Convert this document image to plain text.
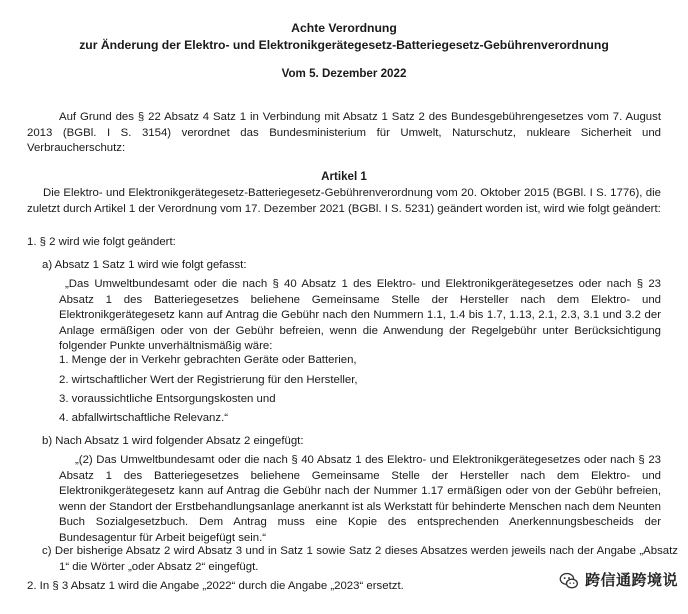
Achte Verordnung
zur Änderung der Elektro- und Elektronikgerätegesetz-Batteriegesetz-Gebührenverordnung
Vom 5. Dezember 2022
Auf Grund des § 22 Absatz 4 Satz 1 in Verbindung mit Absatz 1 Satz 2 des Bundesgebührengesetzes vom 7. August 2013 (BGBl. I S. 3154) verordnet das Bundesministerium für Umwelt, Naturschutz, nukleare Sicherheit und Verbraucherschutz:
Artikel 1
Die Elektro- und Elektronikgerätegesetz-Batteriegesetz-Gebührenverordnung vom 20. Oktober 2015 (BGBl. I S. 1776), die zuletzt durch Artikel 1 der Verordnung vom 17. Dezember 2021 (BGBl. I S. 5231) geändert worden ist, wird wie folgt geändert:
1. § 2 wird wie folgt geändert:
a) Absatz 1 Satz 1 wird wie folgt gefasst:
„Das Umweltbundesamt oder die nach § 40 Absatz 1 des Elektro- und Elektronikgerätegesetzes oder nach § 23 Absatz 1 des Batteriegesetzes beliehene Gemeinsame Stelle der Hersteller nach dem Elektro- und Elektronikgerätegesetz kann auf Antrag die Gebühr nach den Nummern 1.1, 1.4 bis 1.7, 1.13, 2.1, 2.3, 3.1 und 3.2 der Anlage ermäßigen oder von der Gebühr befreien, wenn die Anwendung der Regelgebühr unter Berücksichtigung folgender Punkte unverhältnismäßig wäre:
1. Menge der in Verkehr gebrachten Geräte oder Batterien,
2. wirtschaftlicher Wert der Registrierung für den Hersteller,
3. voraussichtliche Entsorgungskosten und
4. abfallwirtschaftliche Relevanz.“
b) Nach Absatz 1 wird folgender Absatz 2 eingefügt:
„(2) Das Umweltbundesamt oder die nach § 40 Absatz 1 des Elektro- und Elektronikgerätegesetzes oder nach § 23 Absatz 1 des Batteriegesetzes beliehene Gemeinsame Stelle der Hersteller nach dem Elektro- und Elektronikgerätegesetz kann auf Antrag die Gebühr nach der Nummer 1.17 ermäßigen oder von der Gebühr befreien, wenn der Standort der Erstbehandlungsanlage anerkannt ist als Werkstatt für behinderte Menschen nach dem Neunten Buch Sozialgesetzbuch. Dem Antrag muss eine Kopie des entsprechenden Anerkennungsbescheids der Bundesagentur für Arbeit beigefügt sein.“
c) Der bisherige Absatz 2 wird Absatz 3 und in Satz 1 sowie Satz 2 dieses Absatzes werden jeweils nach der Angabe „Absatz 1“ die Wörter „oder Absatz 2“ eingefügt.
2. In § 3 Absatz 1 wird die Angabe „2022“ durch die Angabe „2023“ ersetzt.	跨信通跨境说
